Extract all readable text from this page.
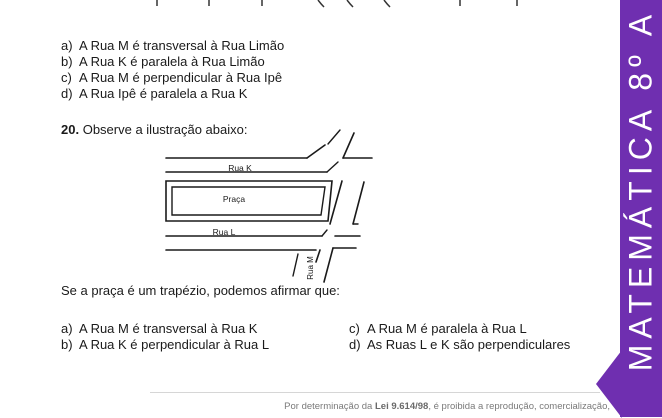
a) A Rua M é transversal à Rua Limão
b) A Rua K é paralela à Rua Limão
c) A Rua M é perpendicular à Rua Ipê
d) A Rua Ipê é paralela a Rua K
20. Observe a ilustração abaixo:
Rua K
Praça
Rua L
Rua M
Se a praça é um trapézio, podemos afirmar que:
a) A Rua M é transversal à Rua K
b) A Rua K é perpendicular à Rua L
c) A Rua M é paralela à Rua L
d) As Ruas L e K são perpendiculares
Por determinação da Lei 9.614/98, é proibida a reprodução, comercialização,
MATEMÁTICA 8º A
